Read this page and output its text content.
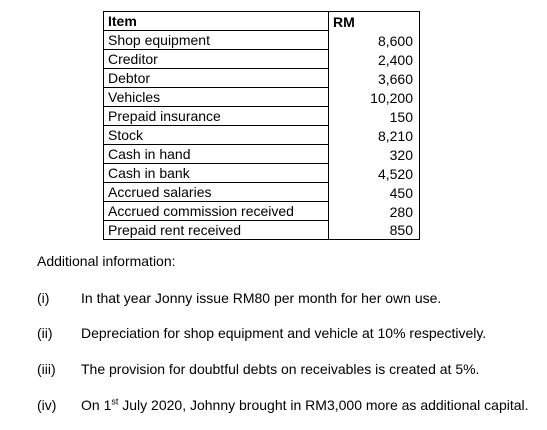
Item	RM
Shop equipment	8,600
Creditor	2,400
Debtor	3,660
Vehicles	10,200
Prepaid insurance	150
Stock	8,210
Cash in hand	320
Cash in bank	4,520
Accrued salaries	450
Accrued commission received	280
Prepaid rent received	850
Additional information:
(i) In that year Jonny issue RM80 per month for her own use.
(ii) Depreciation for shop equipment and vehicle at 10% respectively.
(iii) The provision for doubtful debts on receivables is created at 5%.
(iv) On 1st July 2020, Johnny brought in RM3,000 more as additional capital.
